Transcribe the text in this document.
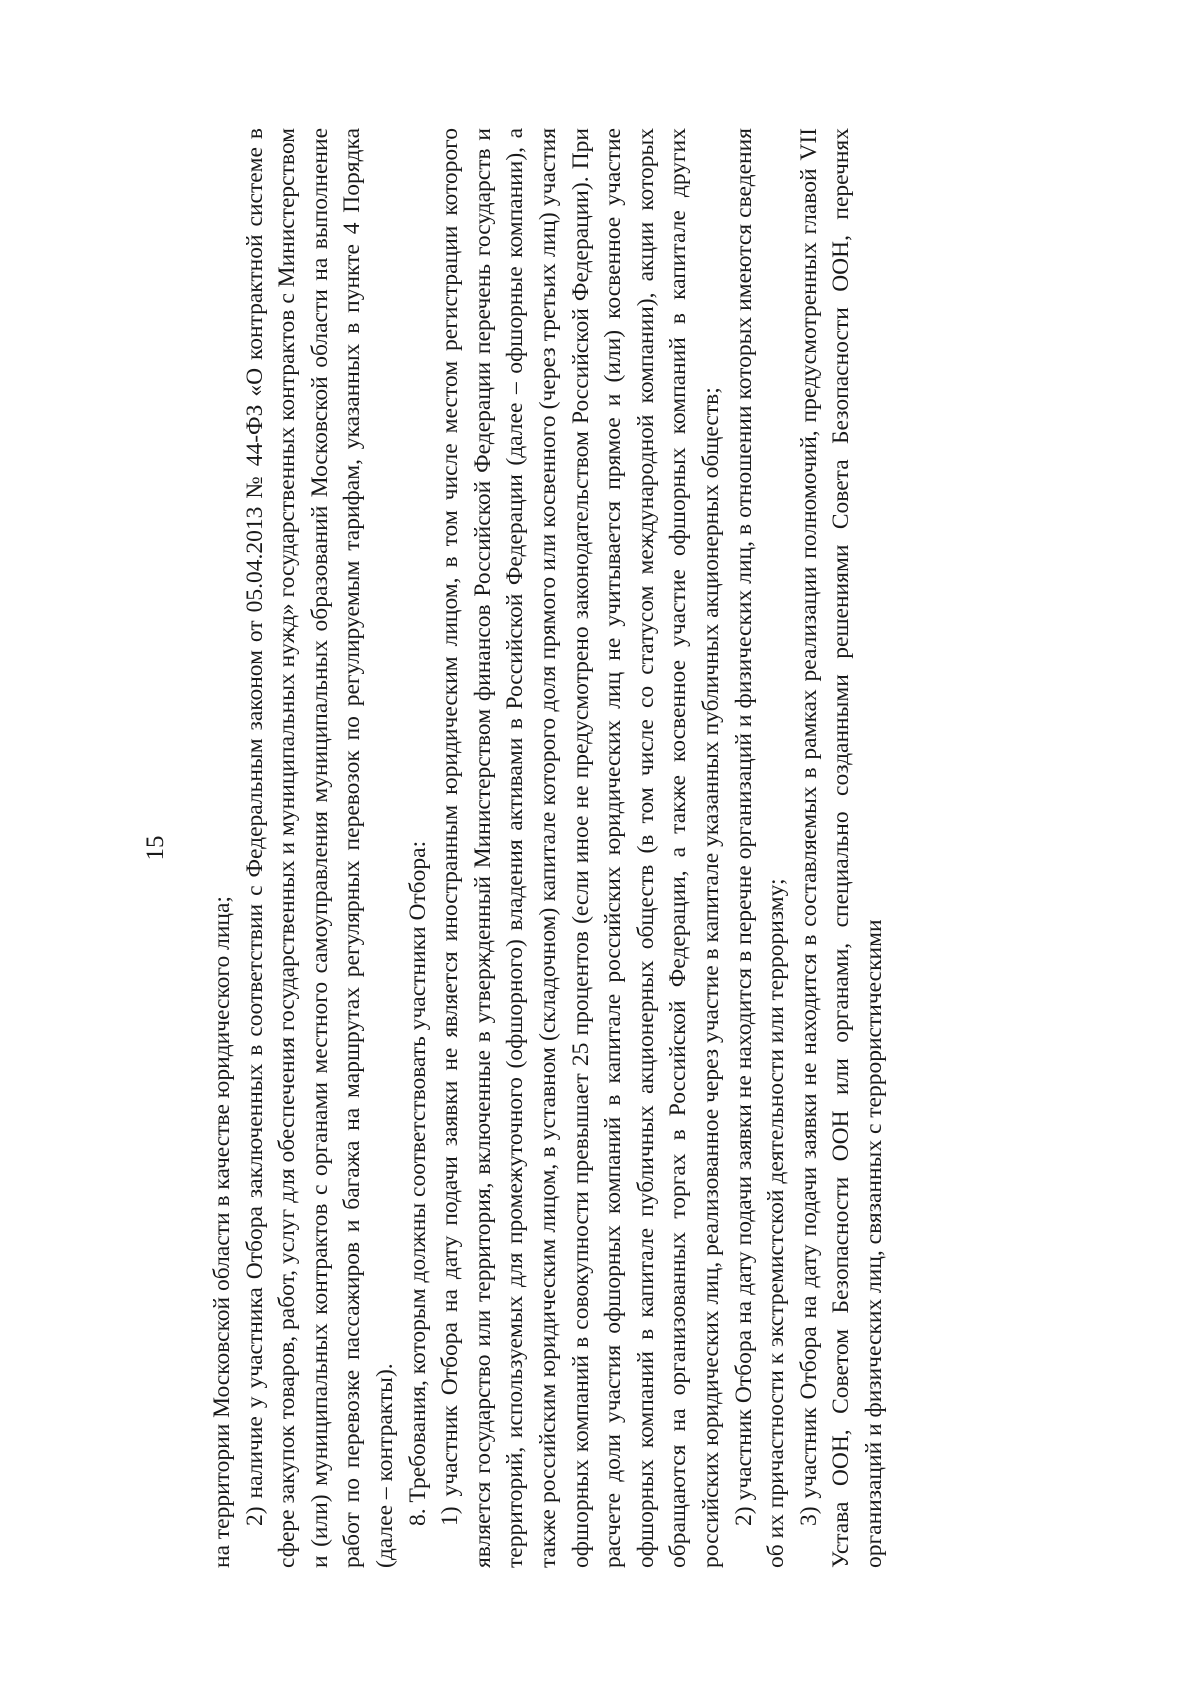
15

на территории Московской области в качестве юридического лица; 2) наличие у участника Отбора заключенных в соответствии с Федеральным законом от 05.04.2013 № 44-ФЗ «О контрактной системе в сфере закупок товаров, работ, услуг для обеспечения государственных и муниципальных нужд» государственных контрактов с Министерством и (или) муниципальных контрактов с органами местного самоуправления муниципальных образований Московской области на выполнение работ по перевозке пассажиров и багажа на маршрутах регулярных перевозок по регулируемым тарифам, указанных в пункте 4 Порядка (далее – контракты). 8. Требования, которым должны соответствовать участники Отбора: 1) участник Отбора на дату подачи заявки не является иностранным юридическим лицом, в том числе местом регистрации которого является государство или территория, включенные в утвержденный Министерством финансов Российской Федерации перечень государств и территорий, используемых для промежуточного (офшорного) владения активами в Российской Федерации (далее – офшорные компании), а также российским юридическим лицом, в уставном (складочном) капитале которого доля прямого или косвенного (через третьих лиц) участия офшорных компаний в совокупности превышает 25 процентов (если иное не предусмотрено законодательством Российской Федерации). При расчете доли участия офшорных компаний в капитале российских юридических лиц не учитывается прямое и (или) косвенное участие офшорных компаний в капитале публичных акционерных обществ (в том числе со статусом международной компании), акции которых обращаются на организованных торгах в Российской Федерации, а также косвенное участие офшорных компаний в капитале других российских юридических лиц, реализованное через участие в капитале указанных публичных акционерных обществ; 2) участник Отбора на дату подачи заявки не находится в перечне организаций и физических лиц, в отношении которых имеются сведения об их причастности к экстремистской деятельности или терроризму; 3) участник Отбора на дату подачи заявки не находится в составляемых в рамках реализации полномочий, предусмотренных главой VII Устава ООН, Советом Безопасности ООН или органами, специально созданными решениями Совета Безопасности ООН, перечнях организаций и физических лиц, связанных с террористическими
